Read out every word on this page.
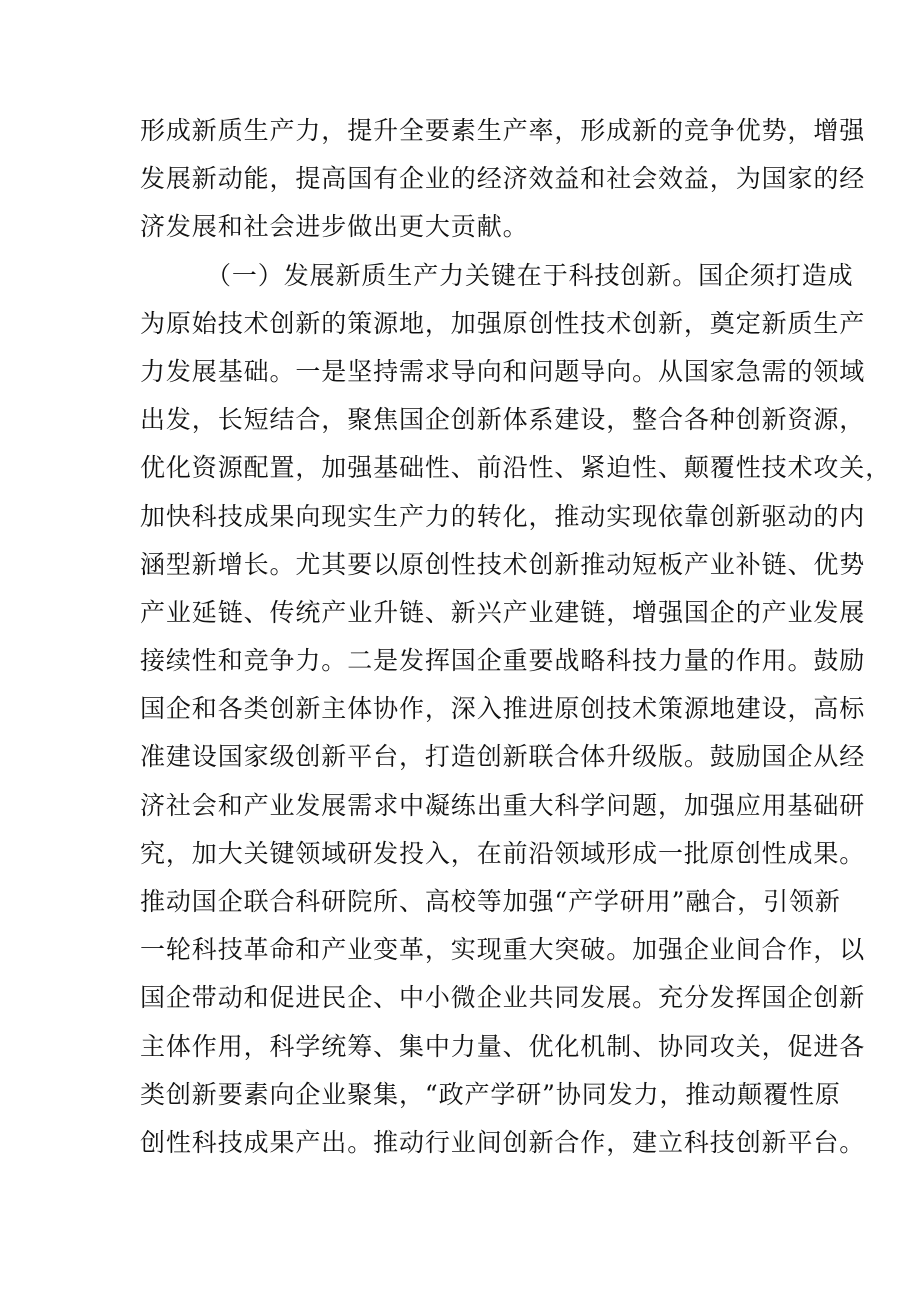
形成新质生产力，提升全要素生产率，形成新的竞争优势，增强
发展新动能，提高国有企业的经济效益和社会效益，为国家的经
济发展和社会进步做出更大贡献。
（一）发展新质生产力关键在于科技创新。国企须打造成
为原始技术创新的策源地，加强原创性技术创新，奠定新质生产
力发展基础。一是坚持需求导向和问题导向。从国家急需的领域
出发，长短结合，聚焦国企创新体系建设，整合各种创新资源，
优化资源配置，加强基础性、前沿性、紧迫性、颠覆性技术攻关，
加快科技成果向现实生产力的转化，推动实现依靠创新驱动的内
涵型新增长。尤其要以原创性技术创新推动短板产业补链、优势
产业延链、传统产业升链、新兴产业建链，增强国企的产业发展
接续性和竞争力。二是发挥国企重要战略科技力量的作用。鼓励
国企和各类创新主体协作，深入推进原创技术策源地建设，高标
准建设国家级创新平台，打造创新联合体升级版。鼓励国企从经
济社会和产业发展需求中凝练出重大科学问题，加强应用基础研
究，加大关键领域研发投入，在前沿领域形成一批原创性成果。
推动国企联合科研院所、高校等加强“产学研用”融合，引领新
一轮科技革命和产业变革，实现重大突破。加强企业间合作，以
国企带动和促进民企、中小微企业共同发展。充分发挥国企创新
主体作用，科学统筹、集中力量、优化机制、协同攻关，促进各
类创新要素向企业聚集，“政产学研”协同发力，推动颠覆性原
创性科技成果产出。推动行业间创新合作，建立科技创新平台。
